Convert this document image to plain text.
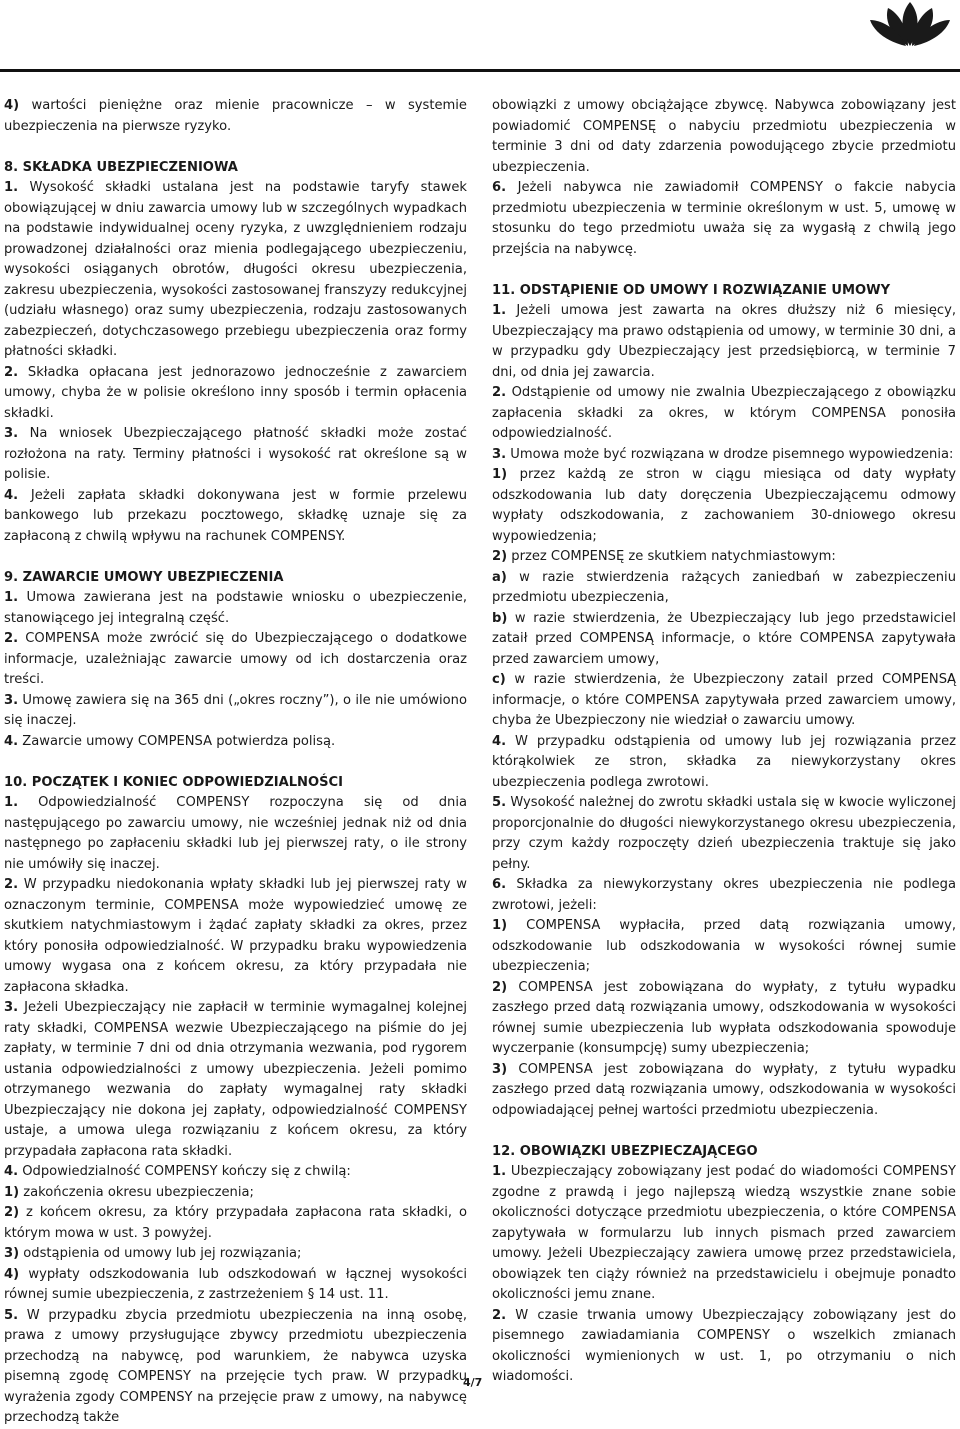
4) wartości pieniężne oraz mienie pracownicze – w systemie ubezpieczenia na pierwsze ryzyko.

8. SKŁADKA UBEZPIECZENIOWA

1. Wysokość składki ustalana jest na podstawie taryfy stawek obowiązującej w dniu zawarcia umowy lub w szczególnych wypadkach na podstawie indywidualnej oceny ryzyka, z uwzględnieniem rodzaju prowadzonej działalności oraz mienia podlegającego ubezpieczeniu, wysokości osiąganych obrotów, długości okresu ubezpieczenia, zakresu ubezpieczenia, wysokości zastosowanej franszyzy redukcyjnej (udziału własnego) oraz sumy ubezpieczenia, rodzaju zastosowanych zabezpieczeń, dotychczasowego przebiegu ubezpieczenia oraz formy płatności składki.

2. Składka opłacana jest jednorazowo jednocześnie z zawarciem umowy, chyba że w polisie określono inny sposób i termin opłacenia składki.

3. Na wniosek Ubezpieczającego płatność składki może zostać rozłożona na raty. Terminy płatności i wysokość rat określone są w polisie.

4. Jeżeli zapłata składki dokonywana jest w formie przelewu bankowego lub przekazu pocztowego, składkę uznaje się za zapłaconą z chwilą wpływu na rachunek COMPENSY.

9. ZAWARCIE UMOWY UBEZPIECZENIA

1. Umowa zawierana jest na podstawie wniosku o ubezpieczenie, stanowiącego jej integralną część.

2. COMPENSA może zwrócić się do Ubezpieczającego o dodatkowe informacje, uzależniając zawarcie umowy od ich dostarczenia oraz treści.

3. Umowę zawiera się na 365 dni („okres roczny”), o ile nie umówiono się inaczej.

4. Zawarcie umowy COMPENSA potwierdza polisą.

10. POCZĄTEK I KONIEC ODPOWIEDZIALNOŚCI

1. Odpowiedzialność COMPENSY rozpoczyna się od dnia następującego po zawarciu umowy, nie wcześniej jednak niż od dnia następnego po zapłaceniu składki lub jej pierwszej raty, o ile strony nie umówiły się inaczej.

2. W przypadku niedokonania wpłaty składki lub jej pierwszej raty w oznaczonym terminie, COMPENSA może wypowiedzieć umowę ze skutkiem natychmiastowym i żądać zapłaty składki za okres, przez który ponosiła odpowiedzialność. W przypadku braku wypowiedzenia umowy wygasa ona z końcem okresu, za który przypadała nie zapłacona składka.

3. Jeżeli Ubezpieczający nie zapłacił w terminie wymagalnej kolejnej raty składki, COMPENSA wezwie Ubezpieczającego na piśmie do jej zapłaty, w terminie 7 dni od dnia otrzymania wezwania, pod rygorem ustania odpowiedzialności z umowy ubezpieczenia. Jeżeli pomimo otrzymanego wezwania do zapłaty wymagalnej raty składki Ubezpieczający nie dokona jej zapłaty, odpowiedzialność COMPENSY ustaje, a umowa ulega rozwiązaniu z końcem okresu, za który przypadała zapłacona rata składki.

4. Odpowiedzialność COMPENSY kończy się z chwilą:

1) zakończenia okresu ubezpieczenia;

2) z końcem okresu, za który przypadała zapłacona rata składki, o którym mowa w ust. 3 powyżej.

3) odstąpienia od umowy lub jej rozwiązania;

4) wypłaty odszkodowania lub odszkodowań w łącznej wysokości równej sumie ubezpieczenia, z zastrzeżeniem § 14 ust. 11.

5. W przypadku zbycia przedmiotu ubezpieczenia na inną osobę, prawa z umowy przysługujące zbywcy przedmiotu ubezpieczenia przechodzą na nabywcę, pod warunkiem, że nabywca uzyska pisemną zgodę COMPENSY na przejęcie tych praw. W przypadku wyrażenia zgody COMPENSY na przejęcie praw z umowy, na nabywcę przechodzą także

obowiązki z umowy obciążające zbywcę. Nabywca zobowiązany jest powiadomić COMPENSĘ o nabyciu przedmiotu ubezpieczenia w terminie 3 dni od daty zdarzenia powodującego zbycie przedmiotu ubezpieczenia.

6. Jeżeli nabywca nie zawiadomił COMPENSY o fakcie nabycia przedmiotu ubezpieczenia w terminie określonym w ust. 5, umowę w stosunku do tego przedmiotu uważa się za wygasłą z chwilą jego przejścia na nabywcę.

11. ODSTĄPIENIE OD UMOWY I ROZWIĄZANIE UMOWY

1. Jeżeli umowa jest zawarta na okres dłuższy niż 6 miesięcy, Ubezpieczający ma prawo odstąpienia od umowy, w terminie 30 dni, a w przypadku gdy Ubezpieczający jest przedsiębiorcą, w terminie 7 dni, od dnia jej zawarcia.

2. Odstąpienie od umowy nie zwalnia Ubezpieczającego z obowiązku zapłacenia składki za okres, w którym COMPENSA ponosiła odpowiedzialność.

3. Umowa może być rozwiązana w drodze pisemnego wypowiedzenia:

1) przez każdą ze stron w ciągu miesiąca od daty wypłaty odszkodowania lub daty doręczenia Ubezpieczającemu odmowy wypłaty odszkodowania, z zachowaniem 30-dniowego okresu wypowiedzenia;

2) przez COMPENSĘ ze skutkiem natychmiastowym:

a) w razie stwierdzenia rażących zaniedbań w zabezpieczeniu przedmiotu ubezpieczenia,

b) w razie stwierdzenia, że Ubezpieczający lub jego przedstawiciel zataił przed COMPENSĄ informacje, o które COMPENSA zapytywała przed zawarciem umowy,

c) w razie stwierdzenia, że Ubezpieczony zatail przed COMPENSĄ informacje, o które COMPENSA zapytywała przed zawarciem umowy, chyba że Ubezpieczony nie wiedział o zawarciu umowy.

4. W przypadku odstąpienia od umowy lub jej rozwiązania przez którąkolwiek ze stron, składka za niewykorzystany okres ubezpieczenia podlega zwrotowi.

5. Wysokość należnej do zwrotu składki ustala się w kwocie wyliczonej proporcjonalnie do długości niewykorzystanego okresu ubezpieczenia, przy czym każdy rozpoczęty dzień ubezpieczenia traktuje się jako pełny.

6. Składka za niewykorzystany okres ubezpieczenia nie podlega zwrotowi, jeżeli:

1) COMPENSA wypłaciła, przed datą rozwiązania umowy, odszkodowanie lub odszkodowania w wysokości równej sumie ubezpieczenia;

2) COMPENSA jest zobowiązana do wypłaty, z tytułu wypadku zaszłego przed datą rozwiązania umowy, odszkodowania w wysokości równej sumie ubezpieczenia lub wypłata odszkodowania spowoduje wyczerpanie (konsumpcję) sumy ubezpieczenia;

3) COMPENSA jest zobowiązana do wypłaty, z tytułu wypadku zaszłego przed datą rozwiązania umowy, odszkodowania w wysokości odpowiadającej pełnej wartości przedmiotu ubezpieczenia.

12. OBOWIĄZKI UBEZPIECZAJĄCEGO

1. Ubezpieczający zobowiązany jest podać do wiadomości COMPENSY zgodne z prawdą i jego najlepszą wiedzą wszystkie znane sobie okoliczności dotyczące przedmiotu ubezpieczenia, o które COMPENSA zapytywała w formularzu lub innych pismach przed zawarciem umowy. Jeżeli Ubezpieczający zawiera umowę przez przedstawiciela, obowiązek ten ciąży również na przedstawicielu i obejmuje ponadto okoliczności jemu znane.

2. W czasie trwania umowy Ubezpieczający zobowiązany jest do pisemnego zawiadamiania COMPENSY o wszelkich zmianach okoliczności wymienionych w ust. 1, po otrzymaniu o nich wiadomości.

4/7
